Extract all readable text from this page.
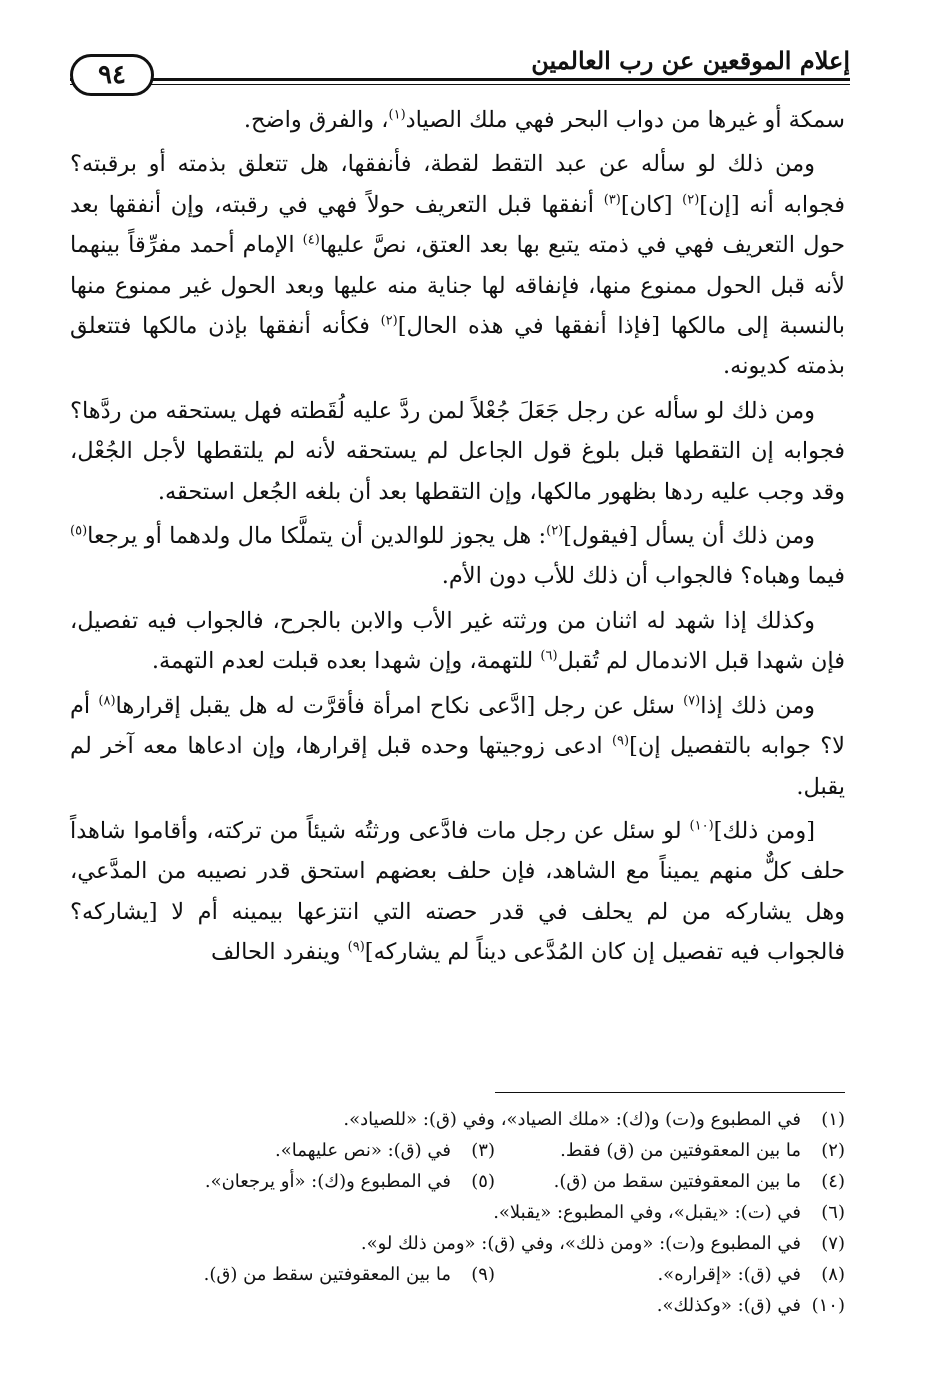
إعلام الموقعين عن رب العالمين
٩٤

سمكة أو غيرها من دواب البحر فهي ملك الصياد$^{(١)}$، والفرق واضح.

ومن ذلك لو سأله عن عبد التقط لقطة، فأنفقها، هل تتعلق بذمته أو برقبته؟ فجوابه أنه [إن]$^{(٢)}$ [كان]$^{(٣)}$ أنفقها قبل التعريف حولاً فهي في رقبته، وإن أنفقها بعد حول التعريف فهي في ذمته يتبع بها بعد العتق، نصَّ عليها$^{(٤)}$ الإمام أحمد مفرِّقاً بينهما لأنه قبل الحول ممنوع منها، فإنفاقه لها جناية منه عليها وبعد الحول غير ممنوع منها بالنسبة إلى مالكها [فإذا أنفقها في هذه الحال]$^{(٢)}$ فكأنه أنفقها بإذن مالكها فتتعلق بذمته كديونه.

ومن ذلك لو سأله عن رجل جَعَلَ جُعْلاً لمن ردَّ عليه لُقَطته فهل يستحقه من ردَّها؟ فجوابه إن التقطها قبل بلوغ قول الجاعل لم يستحقه لأنه لم يلتقطها لأجل الجُعْل، وقد وجب عليه ردها بظهور مالكها، وإن التقطها بعد أن بلغه الجُعل استحقه.

ومن ذلك أن يسأل [فيقول]$^{(٢)}$: هل يجوز للوالدين أن يتملَّكا مال ولدهما أو يرجعا$^{(٥)}$ فيما وهباه؟ فالجواب أن ذلك للأب دون الأم.

وكذلك إذا شهد له اثنان من ورثته غير الأب والابن بالجرح، فالجواب فيه تفصيل، فإن شهدا قبل الاندمال لم تُقبل$^{(٦)}$ للتهمة، وإن شهدا بعده قبلت لعدم التهمة.

ومن ذلك إذا$^{(٧)}$ سئل عن رجل [ادَّعى نكاح امرأة فأقرَّت له هل يقبل إقرارها$^{(٨)}$ أم لا؟ جوابه بالتفصيل إن]$^{(٩)}$ ادعى زوجيتها وحده قبل إقرارها، وإن ادعاها معه آخر لم يقبل.

[ومن ذلك]$^{(١٠)}$ لو سئل عن رجل مات فادَّعى ورثتُه شيئاً من تركته، وأقاموا شاهداً حلف كلٌّ منهم يميناً مع الشاهد، فإن حلف بعضهم استحق قدر نصيبه من المدَّعي، وهل يشاركه من لم يحلف في قدر حصته التي انتزعها بيمينه أم لا [يشاركه؟ فالجواب فيه تفصيل إن كان المُدَّعى ديناً لم يشاركه]$^{(٩)}$ وينفرد الحالف

(١)في المطبوع و(ت) و(ك): «ملك الصياد»، وفي (ق): «للصياد».
(٢)ما بين المعقوفتين من (ق) فقط.
(٣)في (ق): «نص عليهما».
(٤)ما بين المعقوفتين سقط من (ق).
(٥)في المطبوع و(ك): «أو يرجعان».
(٦)في (ت): «يقبل»، وفي المطبوع: «يقبلا».
(٧)في المطبوع و(ت): «ومن ذلك»، وفي (ق): «ومن ذلك لو».
(٨)في (ق): «إقراره».
(٩)ما بين المعقوفتين سقط من (ق).
(١٠)في (ق): «وكذلك».
